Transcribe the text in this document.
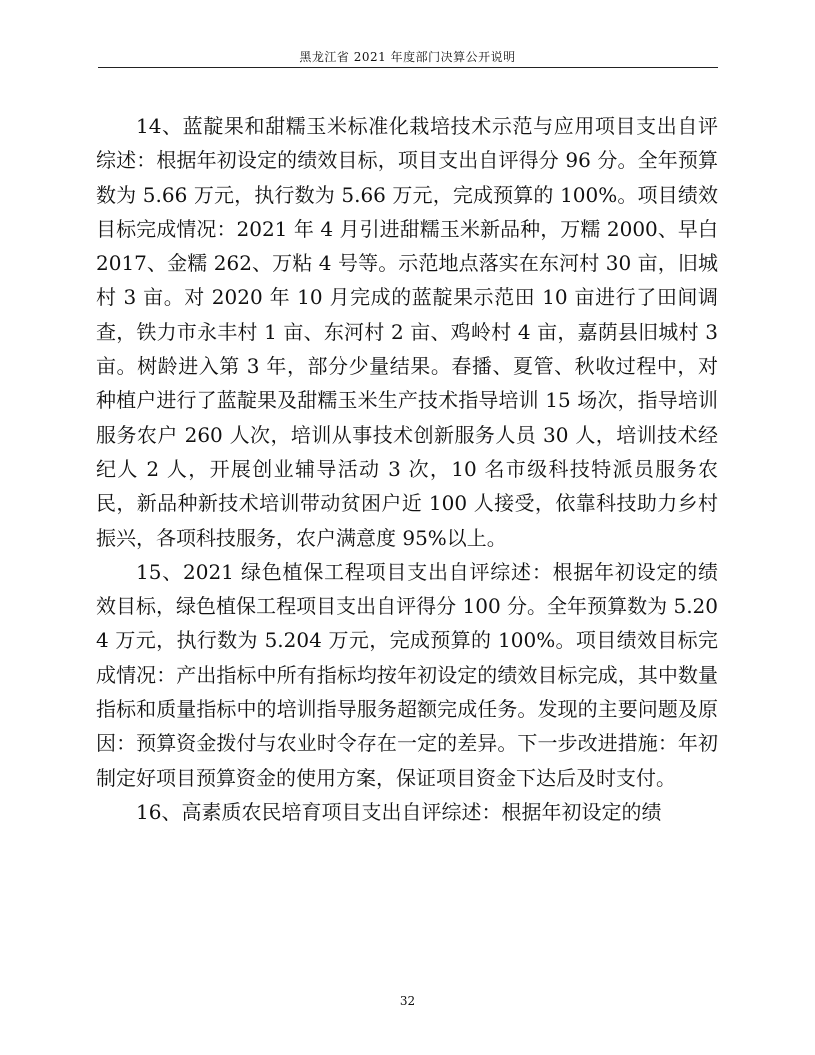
黑龙江省 2021 年度部门决算公开说明

14、蓝靛果和甜糯玉米标准化栽培技术示范与应用项目支出自评综述：根据年初设定的绩效目标，项目支出自评得分 96 分。全年预算数为 5.66 万元，执行数为 5.66 万元，完成预算的 100%。项目绩效目标完成情况：2021 年 4 月引进甜糯玉米新品种，万糯 2000、早白 2017、金糯 262、万粘 4 号等。示范地点落实在东河村 30 亩，旧城村 3 亩。对 2020 年 10 月完成的蓝靛果示范田 10 亩进行了田间调查，铁力市永丰村 1 亩、东河村 2 亩、鸡岭村 4 亩，嘉荫县旧城村 3 亩。树龄进入第 3 年，部分少量结果。春播、夏管、秋收过程中，对种植户进行了蓝靛果及甜糯玉米生产技术指导培训 15 场次，指导培训服务农户 260 人次，培训从事技术创新服务人员 30 人，培训技术经纪人 2 人，开展创业辅导活动 3 次，10 名市级科技特派员服务农民，新品种新技术培训带动贫困户近 100 人接受，依靠科技助力乡村振兴，各项科技服务，农户满意度 95%以上。

15、2021 绿色植保工程项目支出自评综述：根据年初设定的绩效目标，绿色植保工程项目支出自评得分 100 分。全年预算数为 5.204 万元，执行数为 5.204 万元，完成预算的 100%。项目绩效目标完成情况：产出指标中所有指标均按年初设定的绩效目标完成，其中数量指标和质量指标中的培训指导服务超额完成任务。发现的主要问题及原因：预算资金拨付与农业时令存在一定的差异。下一步改进措施：年初制定好项目预算资金的使用方案，保证项目资金下达后及时支付。

16、高素质农民培育项目支出自评综述：根据年初设定的绩

32
